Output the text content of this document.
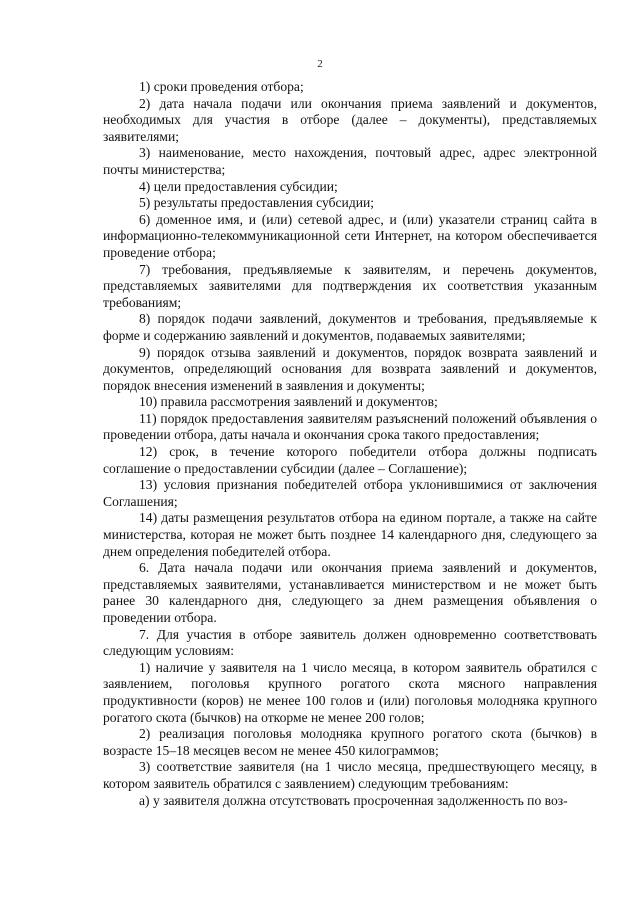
2

1) сроки проведения отбора;

2) дата начала подачи или окончания приема заявлений и документов, необходимых для участия в отборе (далее – документы), представляемых заявителями;

3) наименование, место нахождения, почтовый адрес, адрес электронной почты министерства;

4) цели предоставления субсидии;

5) результаты предоставления субсидии;

6) доменное имя, и (или) сетевой адрес, и (или) указатели страниц сайта в информационно-телекоммуникационной сети Интернет, на котором обеспечивается проведение отбора;

7) требования, предъявляемые к заявителям, и перечень документов, представляемых заявителями для подтверждения их соответствия указанным требованиям;

8) порядок подачи заявлений, документов и требования, предъявляемые к форме и содержанию заявлений и документов, подаваемых заявителями;

9) порядок отзыва заявлений и документов, порядок возврата заявлений и документов, определяющий основания для возврата заявлений и документов, порядок внесения изменений в заявления и документы;

10) правила рассмотрения заявлений и документов;

11) порядок предоставления заявителям разъяснений положений объявления о проведении отбора, даты начала и окончания срока такого предоставления;

12) срок, в течение которого победители отбора должны подписать соглашение о предоставлении субсидии (далее – Соглашение);

13) условия признания победителей отбора уклонившимися от заключения Соглашения;

14) даты размещения результатов отбора на едином портале, а также на сайте министерства, которая не может быть позднее 14 календарного дня, следующего за днем определения победителей отбора.

6. Дата начала подачи или окончания приема заявлений и документов, представляемых заявителями, устанавливается министерством и не может быть ранее 30 календарного дня, следующего за днем размещения объявления о проведении отбора.

7. Для участия в отборе заявитель должен одновременно соответствовать следующим условиям:

1) наличие у заявителя на 1 число месяца, в котором заявитель обратился с заявлением, поголовья крупного рогатого скота мясного направления продуктивности (коров) не менее 100 голов и (или) поголовья молодняка крупного рогатого скота (бычков) на откорме не менее 200 голов;

2) реализация поголовья молодняка крупного рогатого скота (бычков) в возрасте 15–18 месяцев весом не менее 450 килограммов;

3) соответствие заявителя (на 1 число месяца, предшествующего месяцу, в котором заявитель обратился с заявлением) следующим требованиям:

а) у заявителя должна отсутствовать просроченная задолженность по воз-
